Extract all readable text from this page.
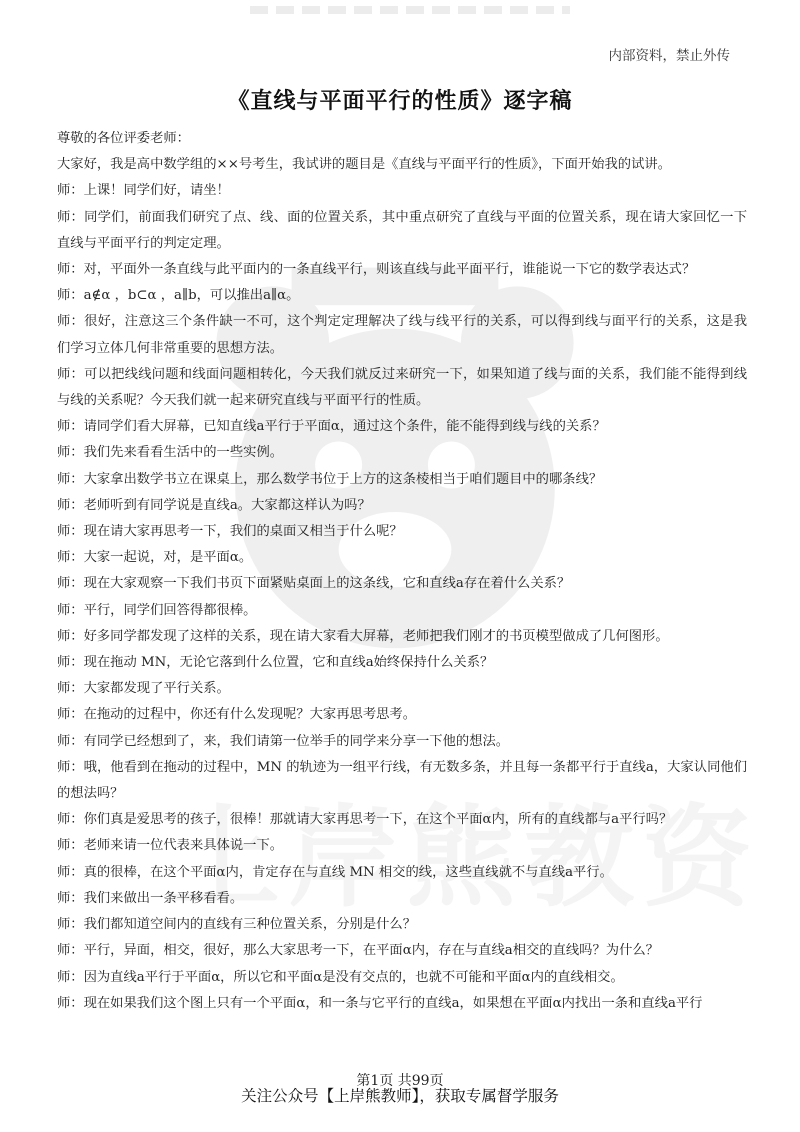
内部资料，禁止外传
《直线与平面平行的性质》逐字稿

尊敬的各位评委老师：

大家好，我是高中数学组的××号考生，我试讲的题目是《直线与平面平行的性质》，下面开始我的试讲。

师：上课！同学们好，请坐！

师：同学们，前面我们研究了点、线、面的位置关系，其中重点研究了直线与平面的位置关系，现在请大家回忆一下直线与平面平行的判定定理。

师：对，平面外一条直线与此平面内的一条直线平行，则该直线与此平面平行，谁能说一下它的数学表达式？

师：a∉α ，b⊂α ，a∥b，可以推出a∥α。

师：很好，注意这三个条件缺一不可，这个判定定理解决了线与线平行的关系，可以得到线与面平行的关系，这是我们学习立体几何非常重要的思想方法。

师：可以把线线问题和线面问题相转化，今天我们就反过来研究一下，如果知道了线与面的关系，我们能不能得到线与线的关系呢？今天我们就一起来研究直线与平面平行的性质。

师：请同学们看大屏幕，已知直线a平行于平面α，通过这个条件，能不能得到线与线的关系？

师：我们先来看看生活中的一些实例。

师：大家拿出数学书立在课桌上，那么数学书位于上方的这条棱相当于咱们题目中的哪条线？

师：老师听到有同学说是直线a。大家都这样认为吗？

师：现在请大家再思考一下，我们的桌面又相当于什么呢？

师：大家一起说，对，是平面α。

师：现在大家观察一下我们书页下面紧贴桌面上的这条线，它和直线a存在着什么关系？

师：平行，同学们回答得都很棒。

师：好多同学都发现了这样的关系，现在请大家看大屏幕，老师把我们刚才的书页模型做成了几何图形。

师：现在拖动 MN，无论它落到什么位置，它和直线a始终保持什么关系？

师：大家都发现了平行关系。

师：在拖动的过程中，你还有什么发现呢？大家再思考思考。

师：有同学已经想到了，来，我们请第一位举手的同学来分享一下他的想法。

师：哦，他看到在拖动的过程中，MN 的轨迹为一组平行线，有无数多条，并且每一条都平行于直线a，大家认同他们的想法吗？

师：你们真是爱思考的孩子，很棒！那就请大家再思考一下，在这个平面α内，所有的直线都与a平行吗？

师：老师来请一位代表来具体说一下。

师：真的很棒，在这个平面α内，肯定存在与直线 MN 相交的线，这些直线就不与直线a平行。

师：我们来做出一条平移看看。

师：我们都知道空间内的直线有三种位置关系，分别是什么？

师：平行，异面，相交，很好，那么大家思考一下，在平面α内，存在与直线a相交的直线吗？为什么？

师：因为直线a平行于平面α，所以它和平面α是没有交点的，也就不可能和平面α内的直线相交。

师：现在如果我们这个图上只有一个平面α，和一条与它平行的直线a，如果想在平面α内找出一条和直线a平行

第1页 共99页
关注公众号【上岸熊教师】，获取专属督学服务
